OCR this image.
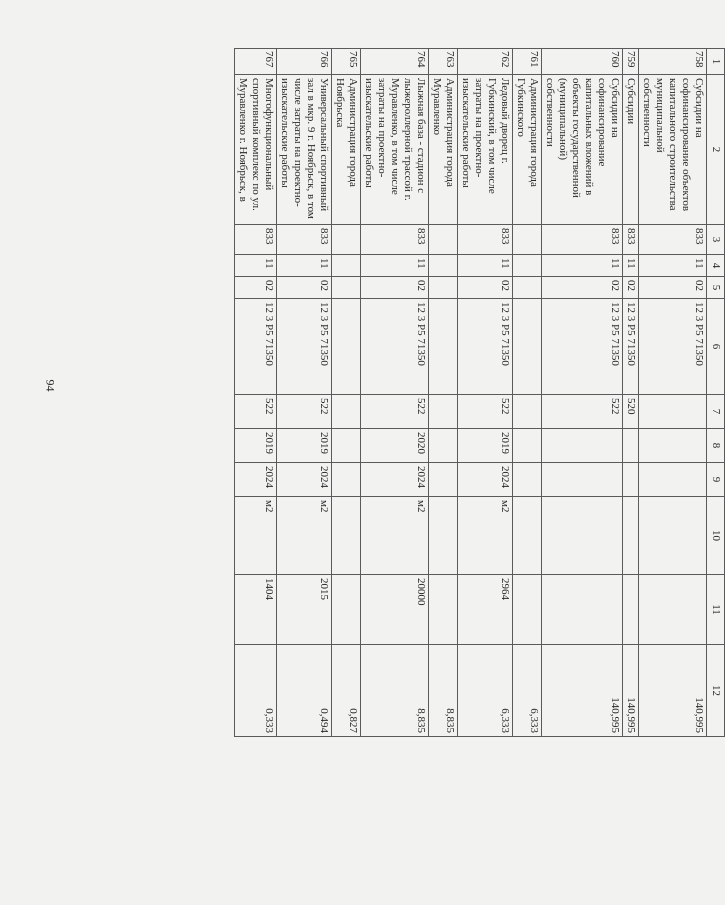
94
1	2	3	4	5	6	7	8	9	10	11	12
758	Субсидии на софинансирование объектов капитального строительства муниципальной собственности	833	11	02	12 3 P5 71350						140,995
759	Субсидии	833	11	02	12 3 P5 71350	520					140,995
760	Субсидии на софинансирование капитальных вложений в объекты государственной (муниципальной) собственности	833	11	02	12 3 P5 71350	522					140,995
761	Администрация города Губкинского										6,333
762	Ледовый дворец г. Губкинский, в том числе затраты на проектно-изыскательские работы	833	11	02	12 3 P5 71350	522	2019	2024	м2	2964	6,333
763	Администрация города Муравленко										8,835
764	Лыжная база - стадион с лыжероллерной трассой г. Муравленко, в том числе затраты на проектно-изыскательские работы	833	11	02	12 3 P5 71350	522	2020	2024	м2	20000	8,835
765	Администрация города Ноябрьска										0,827
766	Универсальный спортивный зал в мкр. 9 г. Ноябрьск, в том числе затраты на проектно-изыскательские работы	833	11	02	12 3 P5 71350	522	2019	2024	м2	2015	0,494
767	Многофункциональный спортивный комплекс по ул. Муравленко г. Ноябрьск, в	833	11	02	12 3 P5 71350	522	2019	2024	м2	1404	0,333
